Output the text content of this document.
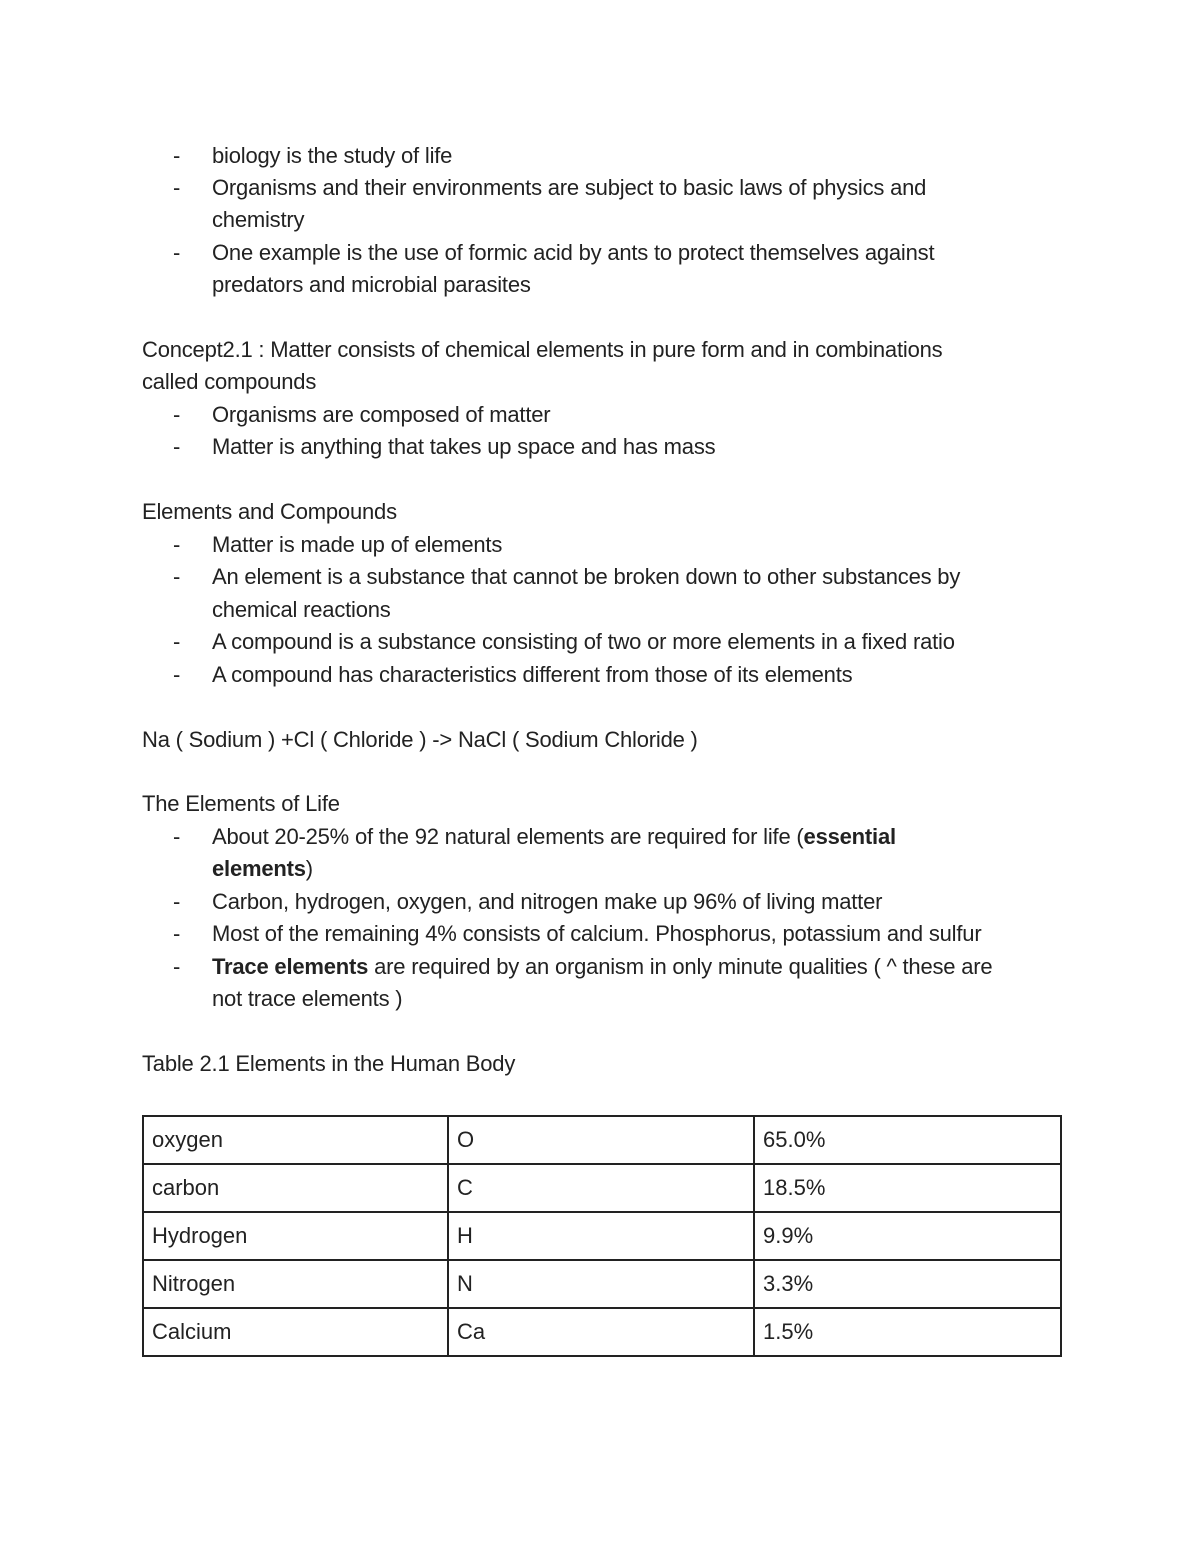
- biology is the study of life
- Organisms and their environments are subject to basic laws of physics and
chemistry
- One example is the use of formic acid by ants to protect themselves against
predators and microbial parasites
Concept2.1 : Matter consists of chemical elements in pure form and in combinations
called compounds
- Organisms are composed of matter
- Matter is anything that takes up space and has mass
Elements and Compounds
- Matter is made up of elements
- An element is a substance that cannot be broken down to other substances by
chemical reactions
- A compound is a substance consisting of two or more elements in a fixed ratio
- A compound has characteristics different from those of its elements
Na ( Sodium ) +Cl ( Chloride ) -> NaCl ( Sodium Chloride )
The Elements of Life
- About 20-25% of the 92 natural elements are required for life (essential
elements)
- Carbon, hydrogen, oxygen, and nitrogen make up 96% of living matter
- Most of the remaining 4% consists of calcium. Phosphorus, potassium and sulfur
- Trace elements are required by an organism in only minute qualities ( ^ these are
not trace elements )
Table 2.1 Elements in the Human Body
oxygen	O	65.0%
carbon	C	18.5%
Hydrogen	H	9.9%
Nitrogen	N	3.3%
Calcium	Ca	1.5%
